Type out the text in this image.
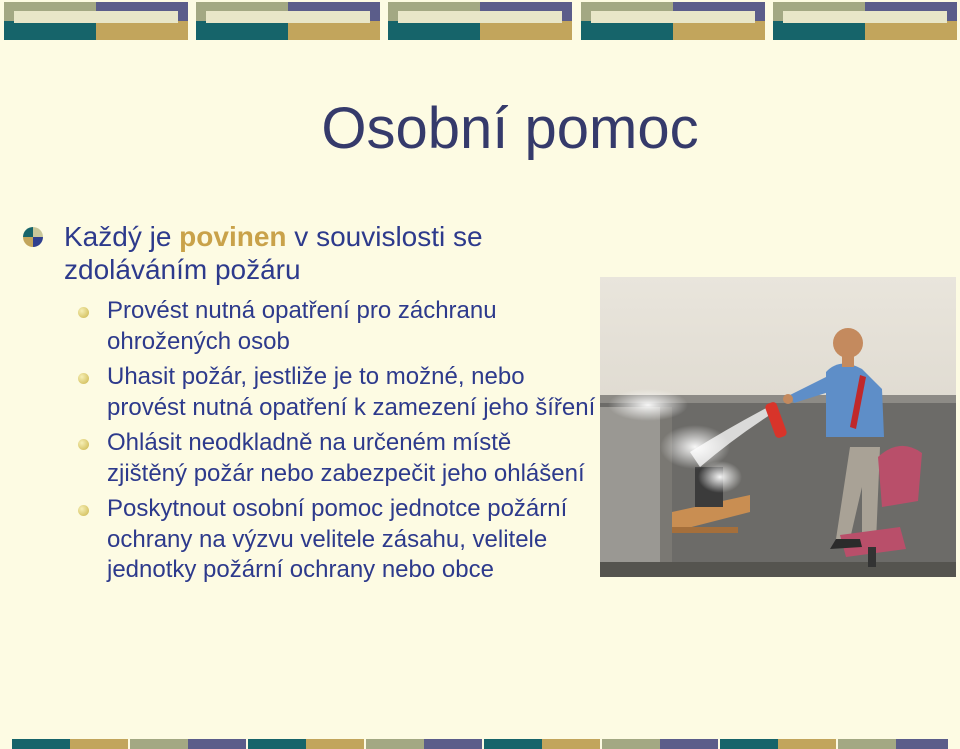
Osobní pomoc
Každý je povinen v souvislosti se zdoláváním požáru
Provést nutná opatření pro záchranu ohrožených osob
Uhasit požár, jestliže je to možné, nebo provést nutná opatření k zamezení jeho šíření
Ohlásit neodkladně na určeném místě zjištěný požár nebo zabezpečit jeho ohlášení
Poskytnout osobní pomoc jednotce požární ochrany na výzvu velitele zásahu, velitele jednotky požární ochrany nebo obce
